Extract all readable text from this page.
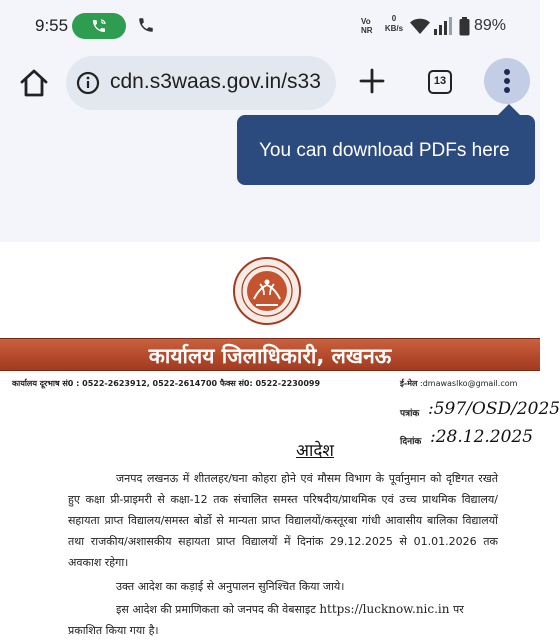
9:55	Vo NR
0
KB/s	89%
cdn.s3waas.gov.in/s33	13
You can download PDFs here
कार्यालय जिलाधिकारी, लखनऊ
कार्यालय दूरभाष सं0 : 0522-2623912, 0522-2614700 फैक्स सं0: 0522-2230099	ई-मेल :dmawaslko@gmail.com
पत्रांक :597/OSD/2025
दिनांक :28.12.2025
आदेश

जनपद लखनऊ में शीतलहर/घना कोहरा होने एवं मौसम विभाग के पूर्वानुमान को दृष्टिगत रखते हुए कक्षा प्री-प्राइमरी से कक्षा-12 तक संचालित समस्त परिषदीय/प्राथमिक एवं उच्च प्राथमिक विद्यालय/सहायता प्राप्त विद्यालय/समस्त बोर्डो से मान्यता प्राप्त विद्यालयों/कस्तूरबा गांधी आवासीय बालिका विद्यालयों तथा राजकीय/अशासकीय सहायता प्राप्त विद्यालयों में दिनांक 29.12.2025 से 01.01.2026 तक अवकाश रहेगा।

उक्त आदेश का कड़ाई से अनुपालन सुनिश्चित किया जाये।

इस आदेश की प्रमाणिकता को जनपद की वेबसाइट https://lucknow.nic.in पर

प्रकाशित किया गया है।
